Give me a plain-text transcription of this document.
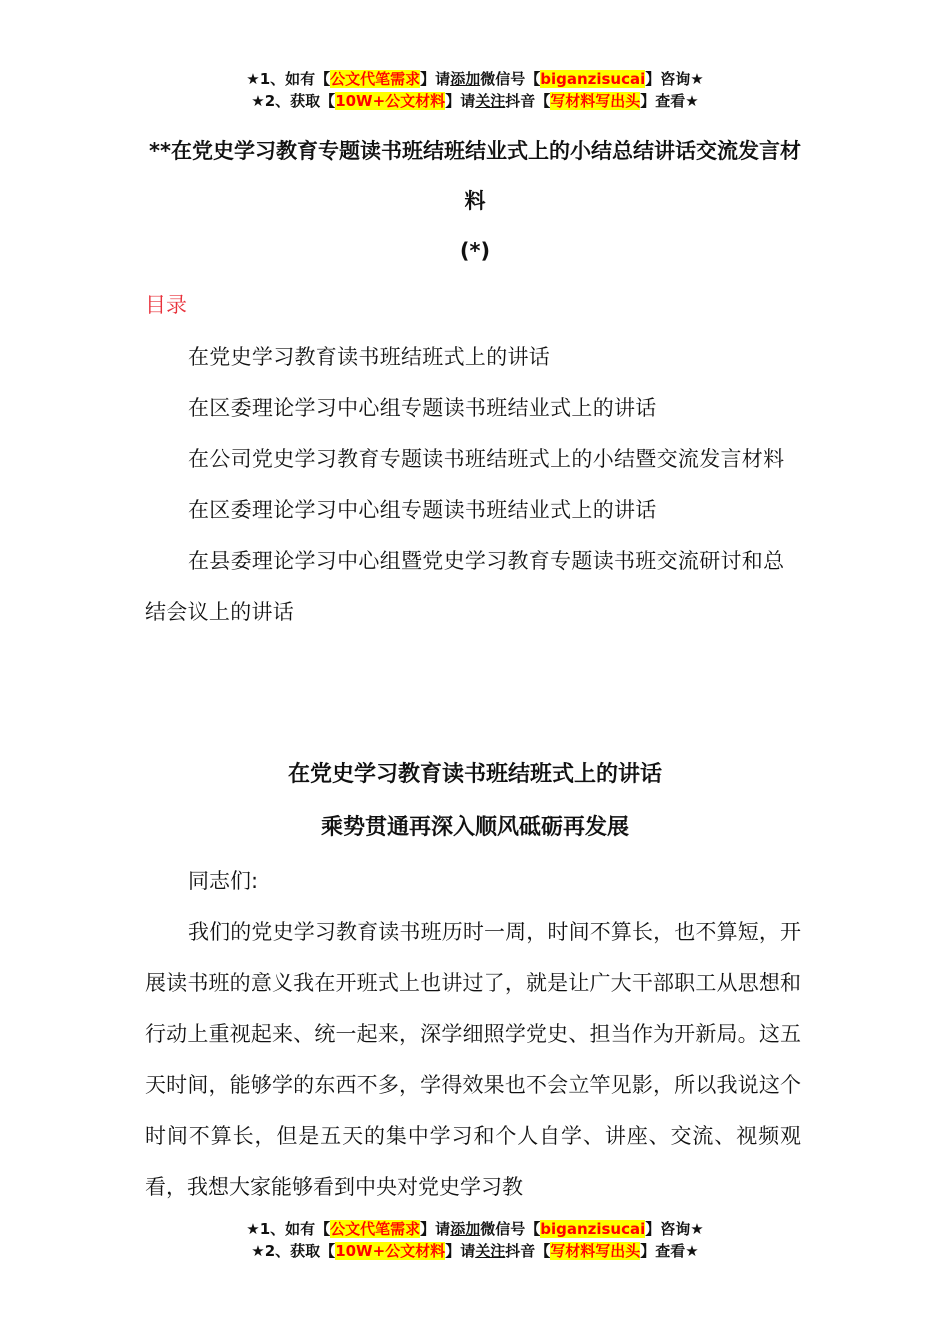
★1、如有【公文代笔需求】请添加微信号【biganzisucai】咨询★
★2、获取【10W+公文材料】请关注抖音【写材料写出头】查看★
**在党史学习教育专题读书班结班结业式上的小结总结讲话交流发言材料
(*)
目录
在党史学习教育读书班结班式上的讲话
在区委理论学习中心组专题读书班结业式上的讲话
在公司党史学习教育专题读书班结班式上的小结暨交流发言材料
在区委理论学习中心组专题读书班结业式上的讲话
在县委理论学习中心组暨党史学习教育专题读书班交流研讨和总结会议上的讲话
在党史学习教育读书班结班式上的讲话
乘势贯通再深入顺风砥砺再发展
同志们:
我们的党史学习教育读书班历时一周，时间不算长，也不算短，开展读书班的意义我在开班式上也讲过了，就是让广大干部职工从思想和行动上重视起来、统一起来，深学细照学党史、担当作为开新局。这五天时间，能够学的东西不多，学得效果也不会立竿见影，所以我说这个时间不算长，但是五天的集中学习和个人自学、讲座、交流、视频观看，我想大家能够看到中央对党史学习教
★1、如有【公文代笔需求】请添加微信号【biganzisucai】咨询★
★2、获取【10W+公文材料】请关注抖音【写材料写出头】查看★
